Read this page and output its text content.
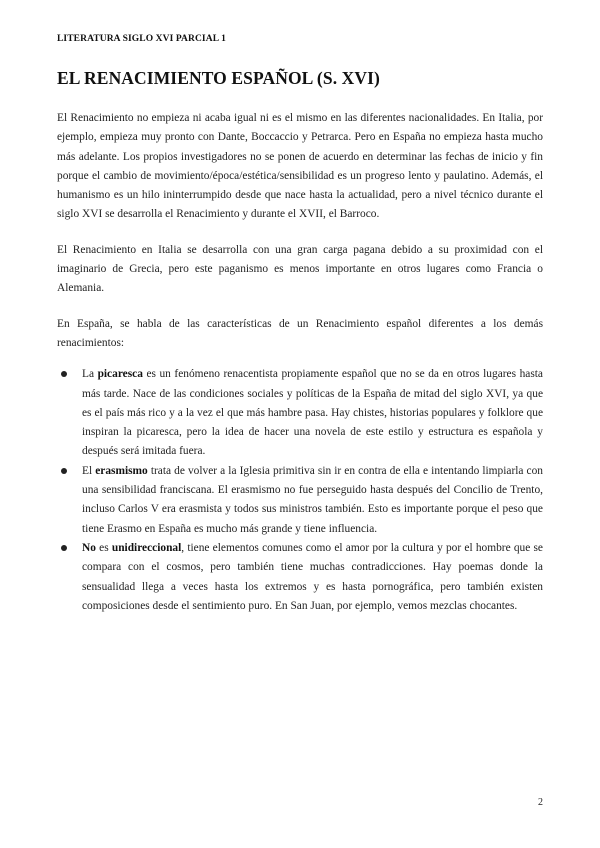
LITERATURA SIGLO XVI PARCIAL 1
EL RENACIMIENTO ESPAÑOL (S. XVI)

El Renacimiento no empieza ni acaba igual ni es el mismo en las diferentes nacionalidades. En Italia, por ejemplo, empieza muy pronto con Dante, Boccaccio y Petrarca. Pero en España no empieza hasta mucho más adelante. Los propios investigadores no se ponen de acuerdo en determinar las fechas de inicio y fin porque el cambio de movimiento/época/estética/sensibilidad es un progreso lento y paulatino. Además, el humanismo es un hilo ininterrumpido desde que nace hasta la actualidad, pero a nivel técnico durante el siglo XVI se desarrolla el Renacimiento y durante el XVII, el Barroco.

El Renacimiento en Italia se desarrolla con una gran carga pagana debido a su proximidad con el imaginario de Grecia, pero este paganismo es menos importante en otros lugares como Francia o Alemania.

En España, se habla de las características de un Renacimiento español diferentes a los demás renacimientos:

La picaresca es un fenómeno renacentista propiamente español que no se da en otros lugares hasta más tarde. Nace de las condiciones sociales y políticas de la España de mitad del siglo XVI, ya que es el país más rico y a la vez el que más hambre pasa. Hay chistes, historias populares y folklore que inspiran la picaresca, pero la idea de hacer una novela de este estilo y estructura es española y después será imitada fuera.
El erasmismo trata de volver a la Iglesia primitiva sin ir en contra de ella e intentando limpiarla con una sensibilidad franciscana. El erasmismo no fue perseguido hasta después del Concilio de Trento, incluso Carlos V era erasmista y todos sus ministros también. Esto es importante porque el peso que tiene Erasmo en España es mucho más grande y tiene influencia.
No es unidireccional, tiene elementos comunes como el amor por la cultura y por el hombre que se compara con el cosmos, pero también tiene muchas contradicciones. Hay poemas donde la sensualidad llega a veces hasta los extremos y es hasta pornográfica, pero también existen composiciones desde el sentimiento puro. En San Juan, por ejemplo, vemos mezclas chocantes.
2
